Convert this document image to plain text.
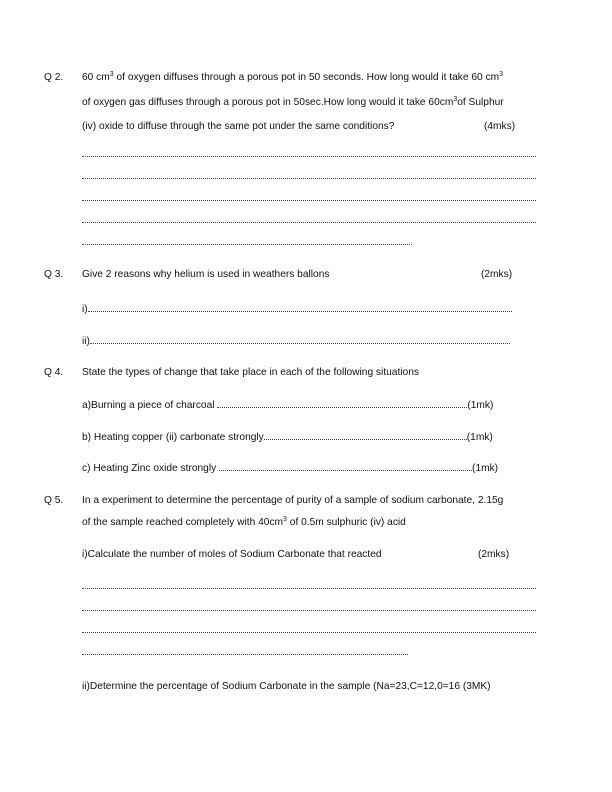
Q 2. 60 $cm^3$ of oxygen diffuses through a porous pot in 50 seconds. How long would it take 60 $cm^3$
of oxygen gas diffuses through a porous pot in 50sec.How long would it take $60cm^3of$ Sulphur
(iv) oxide to diffuse through the same pot under the same conditions?	(4mks)
Q 3. Give 2 reasons why helium is used in weathers ballons	(2mks)
i)
ii)
Q 4. State the types of change that take place in each of the following situations
a)Burning a piece of charcoal	(1mk)
b) Heating copper (ii) carbonate strongly	(1mk)
c) Heating Zinc oxide strongly	(1mk)
Q 5. In a experiment to determine the percentage of purity of a sample of sodium carbonate, 2.15g
of the sample reached completely with $40cm^3$ of 0.5m sulphuric (iv) acid
i)Calculate the number of moles of Sodium Carbonate that reacted	(2mks)
ii)Determine the percentage of Sodium Carbonate in the sample (Na=23,C=12,0=16 (3MK)
